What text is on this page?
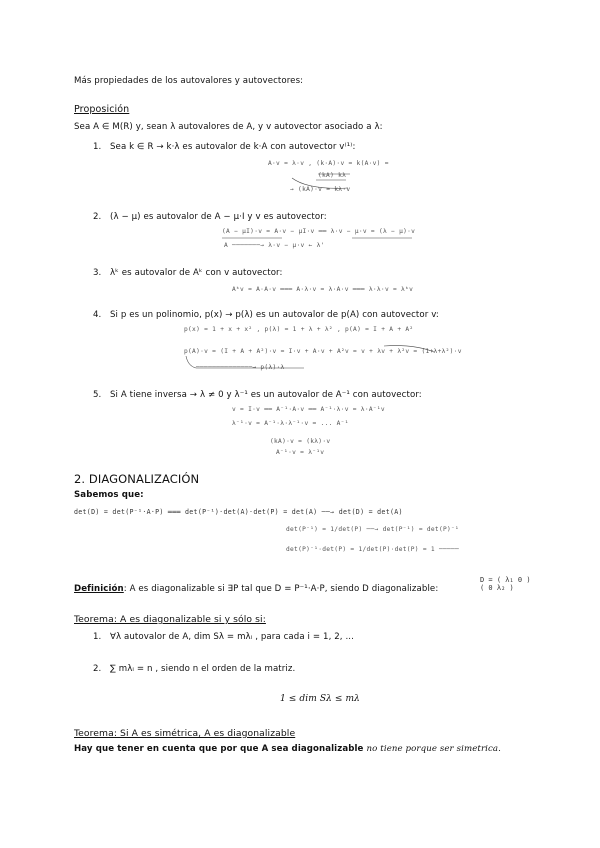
Más propiedades de los autovalores y autovectores:
Proposición
Sea A ∈ M(R) y, sean λ autovalores de A, y v autovector asociado a λ:
1. Sea k ∈ R → k·λ es autovalor de k·A con autovector v⁽¹⁾:
A·v = λ·v , (k·A)·v = k(A·v) =
(kA) kλ
→ (kA)·v = kλ·v
2. (λ − μ) es autovalor de A − μ·I y v es autovector:
(A − μI)·v = A·v − μI·v ══ λ·v − μ·v = (λ − μ)·v
A ───────→ λ·v − μ·v ← λ'
3. λᵏ es autovalor de Aᵏ con v autovector:
Aᵏv = A·A·v ═══ A·λ·v = λ·A·v ═══ λ·λ·v = λᵏv
4. Si p es un polinomio, p(x) → p(λ) es un autovalor de p(A) con autovector v:
p(x) = 1 + x + x² , p(λ) = 1 + λ + λ² , p(A) = I + A + A²
p(A)·v = (I + A + A²)·v = I·v + A·v + A²v = v + λv + λ²v = (1+λ+λ²)·v
──────────────→ p(λ)·λ
5. Si A tiene inversa → λ ≠ 0 y λ⁻¹ es un autovalor de A⁻¹ con autovector:
v = I·v ══ A⁻¹·A·v ══ A⁻¹·λ·v = λ·A⁻¹v
λ⁻¹·v = A⁻¹·λ·λ⁻¹·v = ... A⁻¹
(kA)·v = (kλ)·v
A⁻¹·v = λ⁻¹v
2. DIAGONALIZACIÓN
Sabemos que:
det(D) = det(P⁻¹·A·P) ═══ det(P⁻¹)·det(A)·det(P) = det(A) ──→ det(D) = det(A)
det(P⁻¹) = 1/det(P) ──→ det(P⁻¹) = det(P)⁻¹
det(P)⁻¹·det(P) = 1/det(P)·det(P) = 1 ─────
Definición: A es diagonalizable si ∃P tal que D = P⁻¹·A·P, siendo D diagonalizable:
D = ( λ₁ 0 )
( 0 λ₂ )
Teorema: A es diagonalizable si y sólo si:
1. ∀λ autovalor de A, dim Sλ = mλᵢ , para cada i = 1, 2, ...
2. ∑ mλᵢ = n , siendo n el orden de la matriz.
1 ≤ dim Sλ ≤ mλ
Teorema: Si A es simétrica, A es diagonalizable
Hay que tener en cuenta que por que A sea diagonalizable no tiene porque ser simetrica.
